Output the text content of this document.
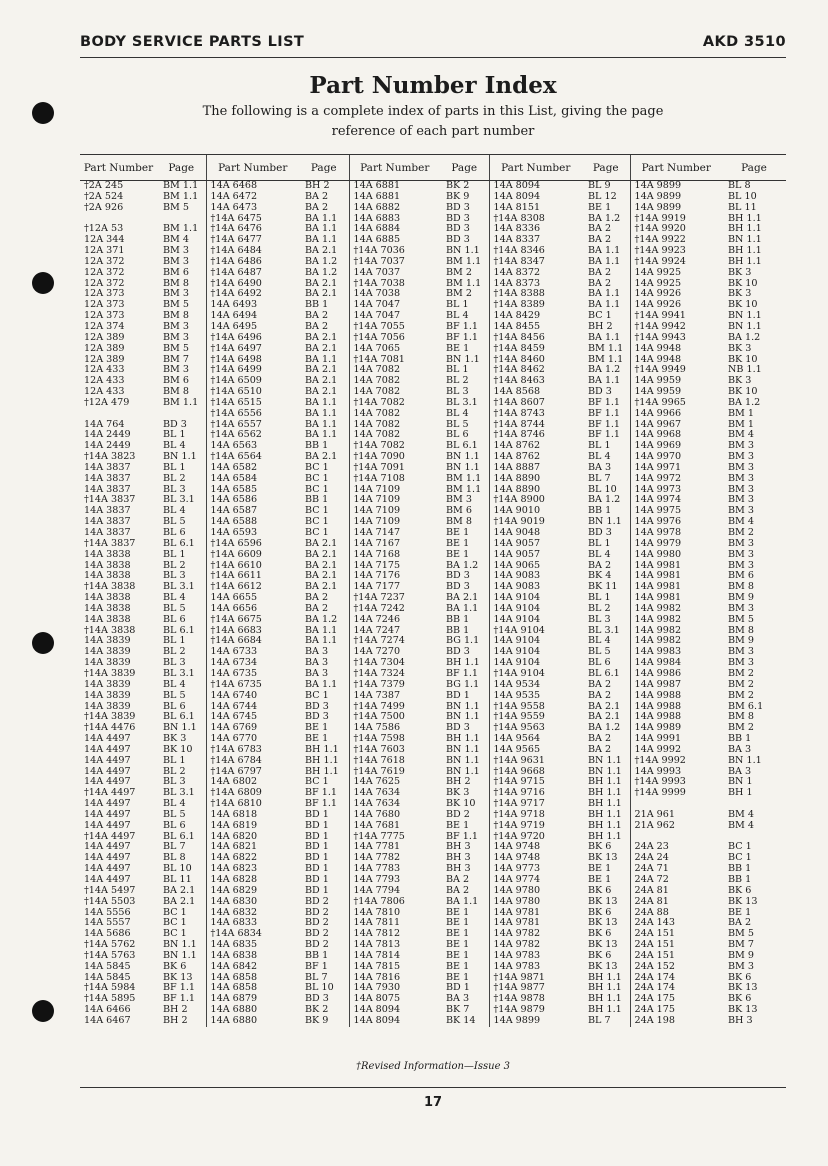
BODY SERVICE PARTS LIST	AKD 3510
Part Number Index
The following is a complete index of parts in this List, giving the page
reference of each part number
Part Number	Page	Part Number	Page	Part Number	Page	Part Number	Page	Part Number	Page
†2A 245	BM 1.1	14A 6468	BH 2	14A 6881	BK 2	14A 8094	BL 9	14A 9899	BL 8
†2A 524	BM 1.1	14A 6472	BA 2	14A 6881	BK 9	14A 8094	BL 12	14A 9899	BL 10
†2A 926	BM 5	14A 6473	BA 2	14A 6882	BD 3	14A 8151	BE 1	14A 9899	BL 11
		†14A 6475	BA 1.1	14A 6883	BD 3	†14A 8308	BA 1.2	†14A 9919	BH 1.1
†12A 53	BM 1.1	†14A 6476	BA 1.1	14A 6884	BD 3	14A 8336	BA 2	†14A 9920	BH 1.1
12A 344	BM 4	†14A 6477	BA 1.1	14A 6885	BD 3	14A 8337	BA 2	†14A 9922	BN 1.1
12A 371	BM 3	†14A 6484	BA 2.1	†14A 7036	BN 1.1	†14A 8346	BA 1.1	†14A 9923	BH 1.1
12A 372	BM 3	†14A 6486	BA 1.2	†14A 7037	BM 1.1	†14A 8347	BA 1.1	†14A 9924	BH 1.1
12A 372	BM 6	†14A 6487	BA 1.2	14A 7037	BM 2	14A 8372	BA 2	14A 9925	BK 3
12A 372	BM 8	†14A 6490	BA 2.1	†14A 7038	BM 1.1	14A 8373	BA 2	14A 9925	BK 10
12A 373	BM 3	†14A 6492	BA 2.1	14A 7038	BM 2	†14A 8388	BA 1.1	14A 9926	BK 3
12A 373	BM 5	14A 6493	BB 1	14A 7047	BL 1	†14A 8389	BA 1.1	14A 9926	BK 10
12A 373	BM 8	14A 6494	BA 2	14A 7047	BL 4	14A 8429	BC 1	†14A 9941	BN 1.1
12A 374	BM 3	14A 6495	BA 2	†14A 7055	BF 1.1	14A 8455	BH 2	†14A 9942	BN 1.1
12A 389	BM 3	†14A 6496	BA 2.1	†14A 7056	BF 1.1	†14A 8456	BA 1.1	†14A 9943	BA 1.2
12A 389	BM 5	†14A 6497	BA 2.1	14A 7065	BE 1	†14A 8459	BM 1.1	14A 9948	BK 3
12A 389	BM 7	†14A 6498	BA 1.1	†14A 7081	BN 1.1	†14A 8460	BM 1.1	14A 9948	BK 10
12A 433	BM 3	†14A 6499	BA 2.1	14A 7082	BL 1	†14A 8462	BA 1.2	†14A 9949	NB 1.1
12A 433	BM 6	†14A 6509	BA 2.1	14A 7082	BL 2	†14A 8463	BA 1.1	14A 9959	BK 3
12A 433	BM 8	†14A 6510	BA 2.1	14A 7082	BL 3	14A 8568	BD 3	14A 9959	BK 10
†12A 479	BM 1.1	†14A 6515	BA 1.1	†14A 7082	BL 3.1	†14A 8607	BF 1.1	†14A 9965	BA 1.2
		†14A 6556	BA 1.1	14A 7082	BL 4	†14A 8743	BF 1.1	14A 9966	BM 1
14A 764	BD 3	†14A 6557	BA 1.1	14A 7082	BL 5	†14A 8744	BF 1.1	14A 9967	BM 1
14A 2449	BL 1	†14A 6562	BA 1.1	14A 7082	BL 6	†14A 8746	BF 1.1	14A 9968	BM 4
14A 2449	BL 4	14A 6563	BB 1	†14A 7082	BL 6.1	14A 8762	BL 1	14A 9969	BM 3
†14A 3823	BN 1.1	†14A 6564	BA 2.1	†14A 7090	BN 1.1	14A 8762	BL 4	14A 9970	BM 3
14A 3837	BL 1	14A 6582	BC 1	†14A 7091	BN 1.1	14A 8887	BA 3	14A 9971	BM 3
14A 3837	BL 2	14A 6584	BC 1	†14A 7108	BM 1.1	14A 8890	BL 7	14A 9972	BM 3
14A 3837	BL 3	14A 6585	BC 1	14A 7109	BM 1.1	14A 8890	BL 10	14A 9973	BM 3
†14A 3837	BL 3.1	14A 6586	BB 1	14A 7109	BM 3	†14A 8900	BA 1.2	14A 9974	BM 3
14A 3837	BL 4	14A 6587	BC 1	14A 7109	BM 6	14A 9010	BB 1	14A 9975	BM 3
14A 3837	BL 5	14A 6588	BC 1	14A 7109	BM 8	†14A 9019	BN 1.1	14A 9976	BM 4
14A 3837	BL 6	14A 6593	BC 1	14A 7147	BE 1	14A 9048	BD 3	14A 9978	BM 2
†14A 3837	BL 6.1	†14A 6596	BA 2.1	14A 7167	BE 1	14A 9057	BL 1	14A 9979	BM 3
14A 3838	BL 1	†14A 6609	BA 2.1	14A 7168	BE 1	14A 9057	BL 4	14A 9980	BM 3
14A 3838	BL 2	†14A 6610	BA 2.1	14A 7175	BA 1.2	14A 9065	BA 2	14A 9981	BM 3
14A 3838	BL 3	†14A 6611	BA 2.1	14A 7176	BD 3	14A 9083	BK 4	14A 9981	BM 6
†14A 3838	BL 3.1	†14A 6612	BA 2.1	14A 7177	BD 3	14A 9083	BK 11	14A 9981	BM 8
14A 3838	BL 4	14A 6655	BA 2	†14A 7237	BA 2.1	14A 9104	BL 1	14A 9981	BM 9
14A 3838	BL 5	14A 6656	BA 2	†14A 7242	BA 1.1	14A 9104	BL 2	14A 9982	BM 3
14A 3838	BL 6	†14A 6675	BA 1.2	14A 7246	BB 1	14A 9104	BL 3	14A 9982	BM 5
†14A 3838	BL 6.1	†14A 6683	BA 1.1	14A 7247	BB 1	†14A 9104	BL 3.1	14A 9982	BM 8
14A 3839	BL 1	†14A 6684	BA 1.1	†14A 7274	BG 1.1	14A 9104	BL 4	14A 9982	BM 9
14A 3839	BL 2	14A 6733	BA 3	14A 7270	BD 3	14A 9104	BL 5	14A 9983	BM 3
14A 3839	BL 3	14A 6734	BA 3	†14A 7304	BH 1.1	14A 9104	BL 6	14A 9984	BM 3
†14A 3839	BL 3.1	14A 6735	BA 3	†14A 7324	BF 1.1	†14A 9104	BL 6.1	14A 9986	BM 2
14A 3839	BL 4	†14A 6735	BA 1.1	†14A 7379	BG 1.1	14A 9534	BA 2	14A 9987	BM 2
14A 3839	BL 5	14A 6740	BC 1	14A 7387	BD 1	14A 9535	BA 2	14A 9988	BM 2
14A 3839	BL 6	14A 6744	BD 3	†14A 7499	BN 1.1	†14A 9558	BA 2.1	14A 9988	BM 6.1
†14A 3839	BL 6.1	14A 6745	BD 3	†14A 7500	BN 1.1	†14A 9559	BA 2.1	14A 9988	BM 8
†14A 4476	BN 1.1	14A 6769	BE 1	14A 7586	BD 3	†14A 9563	BA 1.2	14A 9989	BM 2
14A 4497	BK 3	14A 6770	BE 1	†14A 7598	BH 1.1	14A 9564	BA 2	14A 9991	BB 1
14A 4497	BK 10	†14A 6783	BH 1.1	†14A 7603	BN 1.1	14A 9565	BA 2	14A 9992	BA 3
14A 4497	BL 1	†14A 6784	BH 1.1	†14A 7618	BN 1.1	†14A 9631	BN 1.1	†14A 9992	BN 1.1
14A 4497	BL 2	†14A 6797	BH 1.1	†14A 7619	BN 1.1	†14A 9668	BN 1.1	14A 9993	BA 3
14A 4497	BL 3	14A 6802	BC 1	14A 7625	BH 2	†14A 9715	BH 1.1	†14A 9993	BN 1
†14A 4497	BL 3.1	†14A 6809	BF 1.1	14A 7634	BK 3	†14A 9716	BH 1.1	†14A 9999	BH 1
14A 4497	BL 4	†14A 6810	BF 1.1	14A 7634	BK 10	†14A 9717	BH 1.1		
14A 4497	BL 5	14A 6818	BD 1	14A 7680	BD 2	†14A 9718	BH 1.1	21A 961	BM 4
14A 4497	BL 6	14A 6819	BD 1	14A 7681	BE 1	†14A 9719	BH 1.1	21A 962	BM 4
†14A 4497	BL 6.1	14A 6820	BD 1	†14A 7775	BF 1.1	†14A 9720	BH 1.1		
14A 4497	BL 7	14A 6821	BD 1	14A 7781	BH 3	14A 9748	BK 6	24A 23	BC 1
14A 4497	BL 8	14A 6822	BD 1	14A 7782	BH 3	14A 9748	BK 13	24A 24	BC 1
14A 4497	BL 10	14A 6823	BD 1	14A 7783	BH 3	14A 9773	BE 1	24A 71	BB 1
14A 4497	BL 11	14A 6828	BD 1	14A 7793	BA 2	14A 9774	BE 1	24A 72	BB 1
†14A 5497	BA 2.1	14A 6829	BD 1	14A 7794	BA 2	14A 9780	BK 6	24A 81	BK 6
†14A 5503	BA 2.1	14A 6830	BD 2	†14A 7806	BA 1.1	14A 9780	BK 13	24A 81	BK 13
14A 5556	BC 1	14A 6832	BD 2	14A 7810	BE 1	14A 9781	BK 6	24A 88	BE 1
14A 5557	BC 1	14A 6833	BD 2	14A 7811	BE 1	14A 9781	BK 13	24A 143	BA 2
14A 5686	BC 1	†14A 6834	BD 2	14A 7812	BE 1	14A 9782	BK 6	24A 151	BM 5
†14A 5762	BN 1.1	14A 6835	BD 2	14A 7813	BE 1	14A 9782	BK 13	24A 151	BM 7
†14A 5763	BN 1.1	14A 6838	BB 1	14A 7814	BE 1	14A 9783	BK 6	24A 151	BM 9
14A 5845	BK 6	14A 6842	BF 1	14A 7815	BE 1	14A 9783	BK 13	24A 152	BM 3
14A 5845	BK 13	14A 6858	BL 7	14A 7816	BE 1	†14A 9871	BH 1.1	24A 174	BK 6
†14A 5984	BF 1.1	14A 6858	BL 10	14A 7930	BD 1	†14A 9877	BH 1.1	24A 174	BK 13
†14A 5895	BF 1.1	14A 6879	BD 3	14A 8075	BA 3	†14A 9878	BH 1.1	24A 175	BK 6
14A 6466	BH 2	14A 6880	BK 2	14A 8094	BK 7	†14A 9879	BH 1.1	24A 175	BK 13
14A 6467	BH 2	14A 6880	BK 9	14A 8094	BK 14	14A 9899	BL 7	24A 198	BH 3
†Revised Information—Issue 3
17
